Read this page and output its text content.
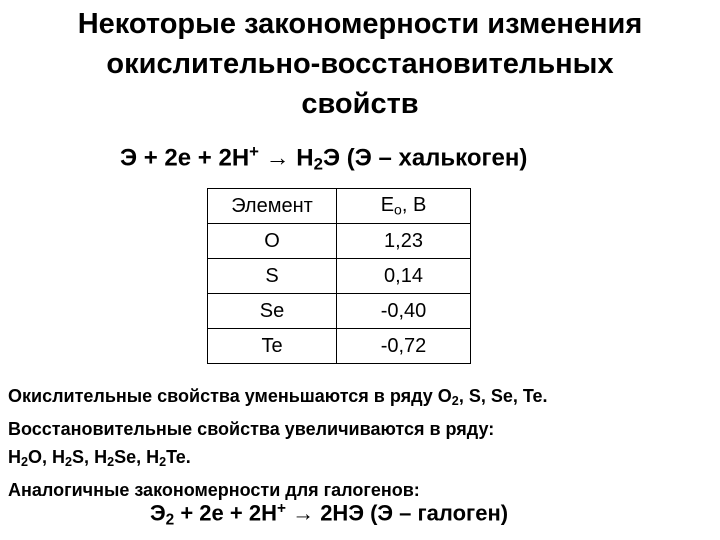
Некоторые закономерности изменения
окислительно-восстановительных
свойств
$Э + 2е + 2Н^+ \to Н_2Э$ (Э – халькоген)
Элемент	$Е_о$, В
O	1,23
S	0,14
Se	-0,40
Te	-0,72
Окислительные свойства уменьшаются в ряду $O_2$, S, Se, Te.
Восстановительные свойства увеличиваются в ряду:
$H_2O$, $H_2S$, $H_2Se$, $H_2Te$.
Аналогичные закономерности для галогенов:
$Э_2 + 2е + 2Н^+ \to 2НЭ$ (Э – галоген)
